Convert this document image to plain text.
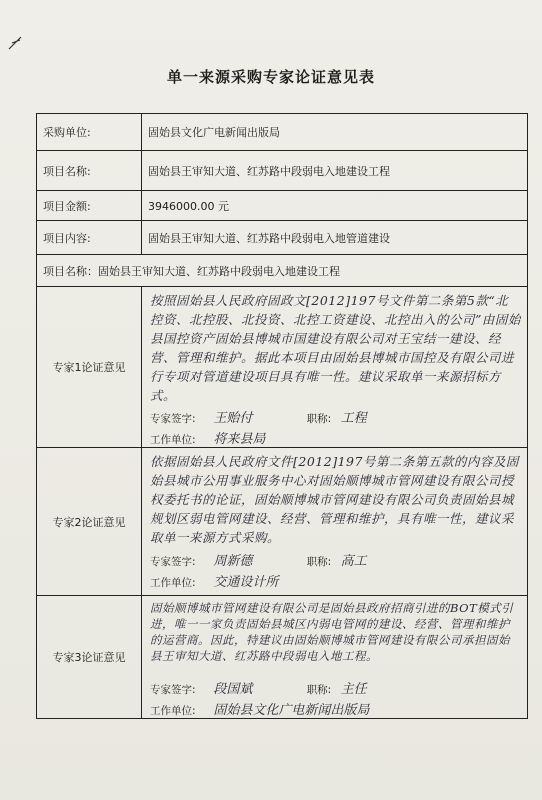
单一来源采购专家论证意见表
采购单位:	固始县文化广电新闻出版局
项目名称:	固始县王审知大道、红苏路中段弱电入地建设工程
项目金额:	3946000.00 元
项目内容:	固始县王审知大道、红苏路中段弱电入地管道建设
项目名称：固始县王审知大道、红苏路中段弱电入地建设工程	
专家1论证意见	按照固始县人民政府固政文[2012]197号文件第二条第5款“北控资、北控股、北投资、北控工资建设、北控出入的公司”由固始县国控资产固始县博城市国建设有限公司对王宝结一建设、经营、管理和维护。据此本项目由固始县博城市国控及有限公司进行专项对管道建设项目具有唯一性。建议采取单一来源招标方式。
专家签字: 王贻付 职称: 工程
工作单位: 将来县局

专家2论证意见	依据固始县人民政府文件[2012]197号第二条第五款的内容及固始县城市公用事业服务中心对固始顺博城市管网建设有限公司授权委托书的论证，固始顺博城市管网建设有限公司负责固始县城规划区弱电管网建设、经营、管理和维护，具有唯一性，建议采取单一来源方式采购。
专家签字: 周新德 职称: 高工
工作单位: 交通设计所

专家3论证意见	固始顺博城市管网建设有限公司是固始县政府招商引进的BOT模式引进，唯一一家负责固始县城区内弱电管网的建设、经营、管理和维护的运营商。因此，特建议由固始顺博城市管网建设有限公司承担固始县王审知大道、红苏路中段弱电入地工程。
专家签字: 段国斌 职称: 主任
工作单位: 固始县文化广电新闻出版局
